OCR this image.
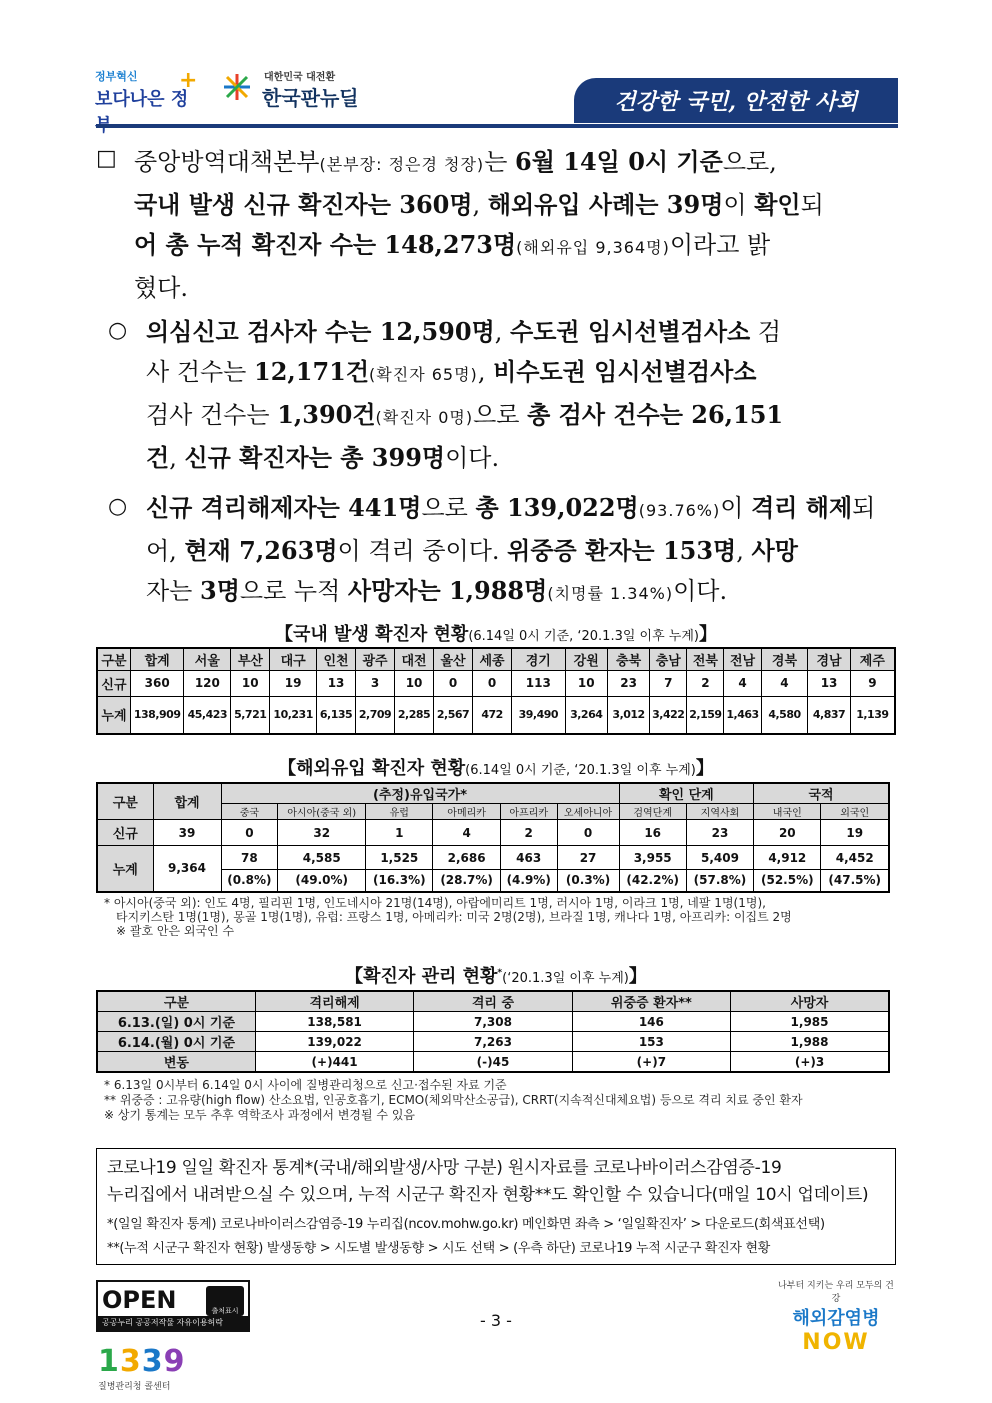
정부혁신
보다나은 정부
+	대한민국 대전환
한국판뉴딜	건강한 국민, 안전한 사회
□ 중앙방역대책본부(본부장: 정은경 청장)는 6월 14일 0시 기준으로,
국내 발생 신규 확진자는 360명, 해외유입 사례는 39명이 확인되
어 총 누적 확진자 수는 148,273명(해외유입 9,364명)이라고 밝
혔다.
○ 의심신고 검사자 수는 12,590명, 수도권 임시선별검사소 검
사 건수는 12,171건(확진자 65명), 비수도권 임시선별검사소
검사 건수는 1,390건(확진자 0명)으로 총 검사 건수는 26,151
건, 신규 확진자는 총 399명이다.
○ 신규 격리해제자는 441명으로 총 139,022명(93.76%)이 격리 해제되
어, 현재 7,263명이 격리 중이다. 위중증 환자는 153명, 사망
자는 3명으로 누적 사망자는 1,988명(치명률 1.34%)이다.
【국내 발생 확진자 현황(6.14일 0시 기준, ‘20.1.3일 이후 누계)】
구분	합계	서울	부산	대구	인천	광주	대전	울산	세종	경기	강원	충북	충남	전북	전남	경북	경남	제주
신규	360	120	10	19	13	3	10	0	0	113	10	23	7	2	4	4	13	9
누계	138,909	45,423	5,721	10,231	6,135	2,709	2,285	2,567	472	39,490	3,264	3,012	3,422	2,159	1,463	4,580	4,837	1,139
【해외유입 확진자 현황(6.14일 0시 기준, ‘20.1.3일 이후 누계)】
구분	합계	(추정)유입국가*						확인 단계		국적	
		중국	아시아(중국 외)	유럽	아메리카	아프리카	오세아니아	검역단계	지역사회	내국인	외국인
신규	39	0	32	1	4	2	0	16	23	20	19
누계	9,364	78	4,585	1,525	2,686	463	27	3,955	5,409	4,912	4,452
		(0.8%)	(49.0%)	(16.3%)	(28.7%)	(4.9%)	(0.3%)	(42.2%)	(57.8%)	(52.5%)	(47.5%)
* 아시아(중국 외): 인도 4명, 필리핀 1명, 인도네시아 21명(14명), 아랍에미리트 1명, 러시아 1명, 이라크 1명, 네팔 1명(1명),
타지키스탄 1명(1명), 몽골 1명(1명), 유럽: 프랑스 1명, 아메리카: 미국 2명(2명), 브라질 1명, 캐나다 1명, 아프리카: 이집트 2명
※ 괄호 안은 외국인 수
【확진자 관리 현황*(‘20.1.3일 이후 누계)】
구분	격리해제	격리 중	위중증 환자**	사망자
6.13.(일) 0시 기준	138,581	7,308	146	1,985
6.14.(월) 0시 기준	139,022	7,263	153	1,988
변동	(+)441	(-)45	(+)7	(+)3
* 6.13일 0시부터 6.14일 0시 사이에 질병관리청으로 신고·접수된 자료 기준
** 위중증 : 고유량(high flow) 산소요법, 인공호흡기, ECMO(체외막산소공급), CRRT(지속적신대체요법) 등으로 격리 치료 중인 환자
※ 상기 통계는 모두 추후 역학조사 과정에서 변경될 수 있음
코로나19 일일 확진자 통계*(국내/해외발생/사망 구분) 원시자료를 코로나바이러스감염증-19
누리집에서 내려받으실 수 있으며, 누적 시군구 확진자 현황**도 확인할 수 있습니다(매일 10시 업데이트)
*(일일 확진자 통계) 코로나바이러스감염증-19 누리집(ncov.mohw.go.kr) 메인화면 좌측 > ‘일일확진자’ > 다운로드(회색표선택)
**(누적 시군구 확진자 현황) 발생동향 > 시도별 발생동향 > 시도 선택 > (우측 하단) 코로나19 누적 시군구 확진자 현황
OPEN	출처표시
공공누리 공공저작물 자유이용허락	- 3 -
나부터 지키는 우리 모두의 건강
해외감염병
NOW
1339
질병관리청 콜센터
